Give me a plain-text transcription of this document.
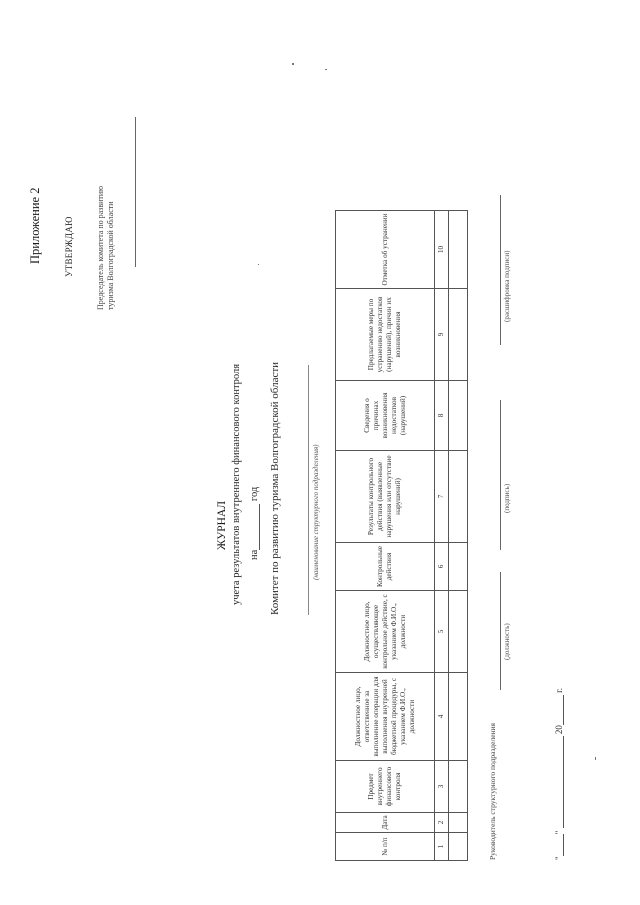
Приложение 2 УТВЕРЖДАЮ	Председатель комитета по развитию туризма Волгоградской области
ЖУРНАЛ учета результатов внутреннего финансового контроля на год Комитет по развитию туризма Волгоградской области	(наименование структурного подразделения)
№ п/п	Дата	Предмет внутреннего финансового контроля	Должностное лицо, ответственное за выполнение операции для выполнения внутренней бюджетной процедуры, с указанием Ф.И.О., должности	Должностное лицо, осуществляющее контрольное действие, с указанием Ф.И.О., должности	Контрольные действия	Результаты контрольного действия (выявленные нарушения или отсутствие нарушений)	Сведения о причинах возникновения недостатков (нарушений)	Предлагаемые меры по устранению недостатков (нарушений), причин их возникновения	Отметка об устранении
1	2	3	4	5	6	7	8	9	10

Руководитель структурного подразделения
(должность)
(подпись)
(расшифровка подписи)
""  20 г.
